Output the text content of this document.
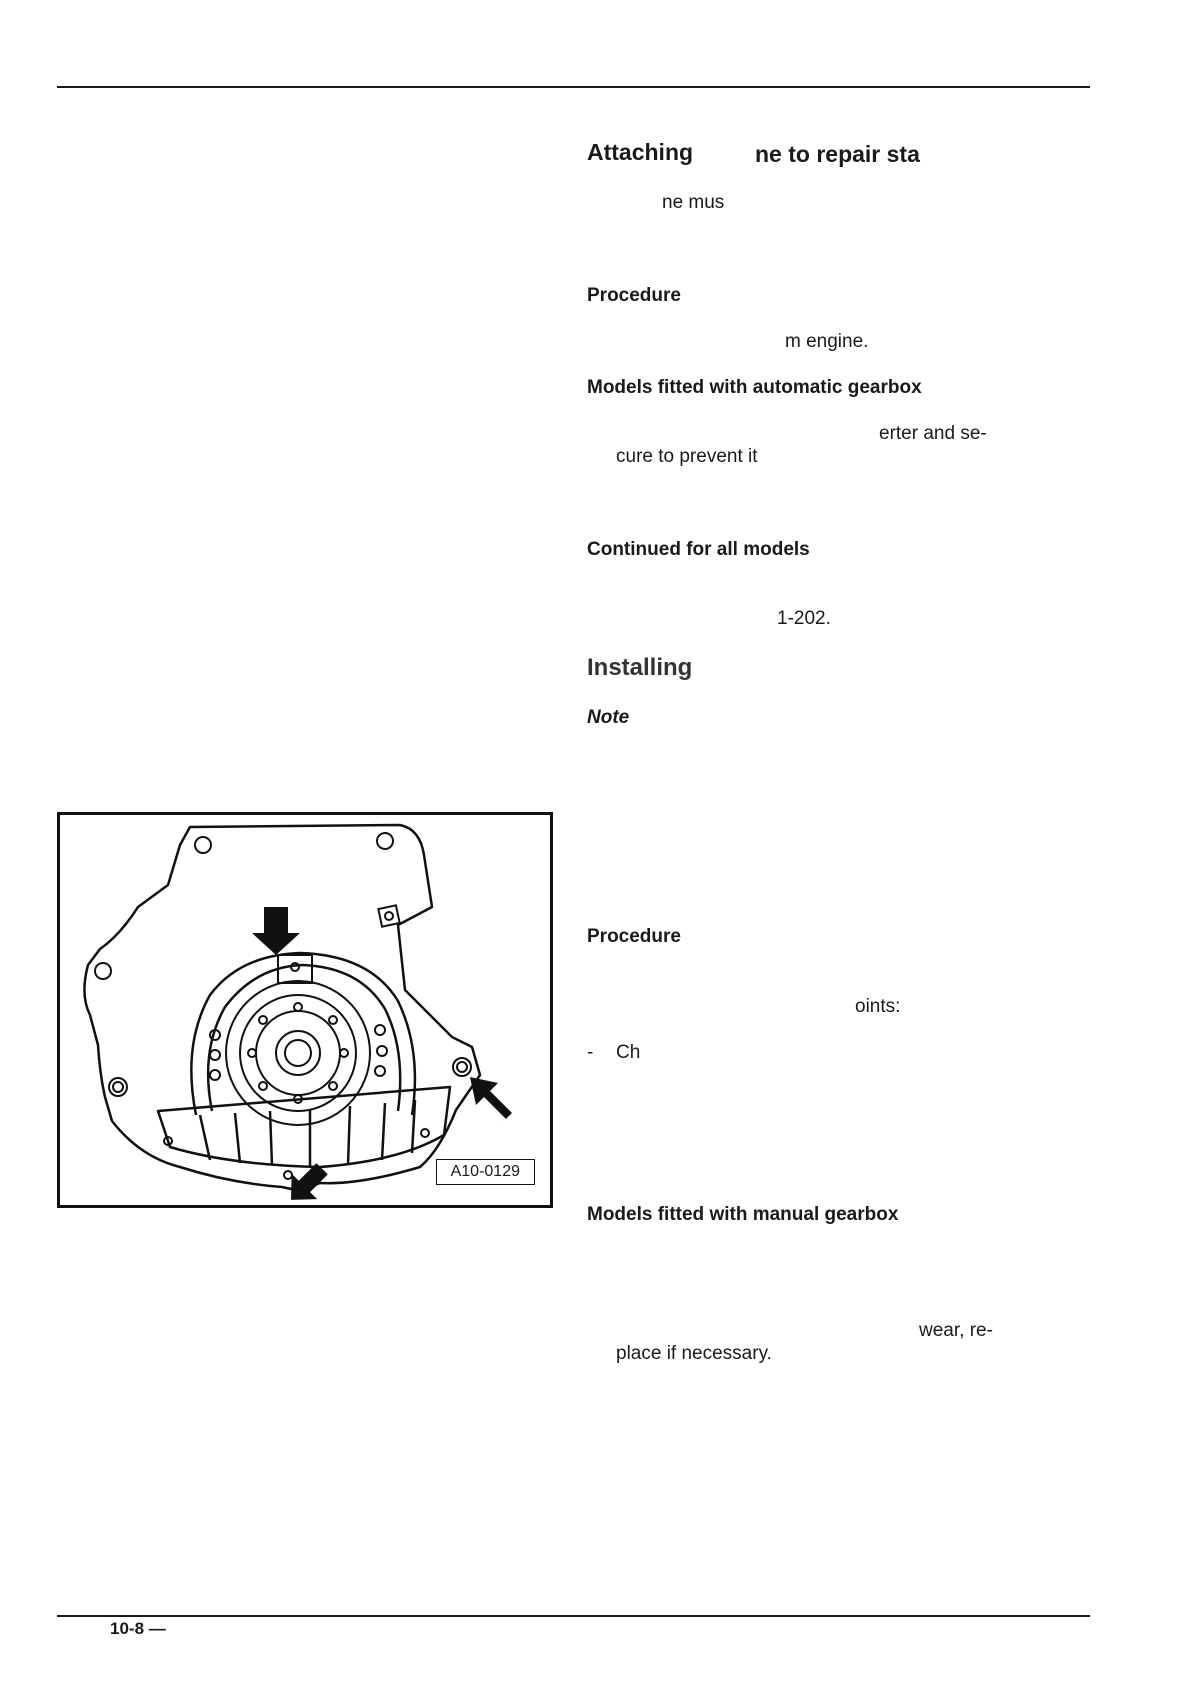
Attaching	ne to repair sta
ne mus
Procedure
m engine.
Models fitted with automatic gearbox
erter and se-
cure to prevent it
Continued for all models
1-202.
Installing
Note
Procedure
oints:
- Ch
Models fitted with manual gearbox
wear, re-
place if necessary.
A10-0129
10-8 —
